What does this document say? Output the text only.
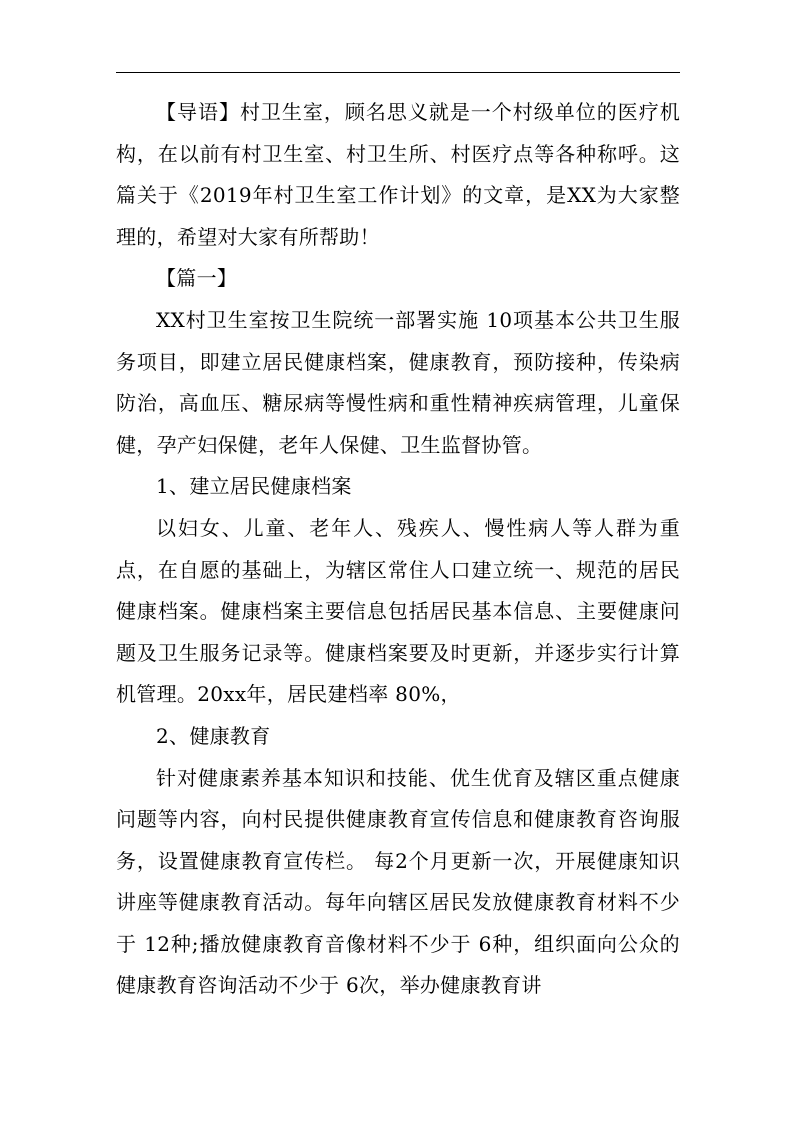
【导语】村卫生室，顾名思义就是一个村级单位的医疗机构，在以前有村卫生室、村卫生所、村医疗点等各种称呼。这篇关于《2019年村卫生室工作计划》的文章，是XX为大家整理的，希望对大家有所帮助！

【篇一】

XX村卫生室按卫生院统一部署实施 10项基本公共卫生服务项目，即建立居民健康档案，健康教育，预防接种，传染病防治，高血压、糖尿病等慢性病和重性精神疾病管理，儿童保健，孕产妇保健，老年人保健、卫生监督协管。

1、建立居民健康档案

以妇女、儿童、老年人、残疾人、慢性病人等人群为重点，在自愿的基础上，为辖区常住人口建立统一、规范的居民健康档案。健康档案主要信息包括居民基本信息、主要健康问题及卫生服务记录等。健康档案要及时更新，并逐步实行计算机管理。20xx年，居民建档率 80%，

2、健康教育

针对健康素养基本知识和技能、优生优育及辖区重点健康问题等内容，向村民提供健康教育宣传信息和健康教育咨询服务，设置健康教育宣传栏。 每2个月更新一次，开展健康知识讲座等健康教育活动。每年向辖区居民发放健康教育材料不少于 12种;播放健康教育音像材料不少于 6种，组织面向公众的健康教育咨询活动不少于 6次，举办健康教育讲
